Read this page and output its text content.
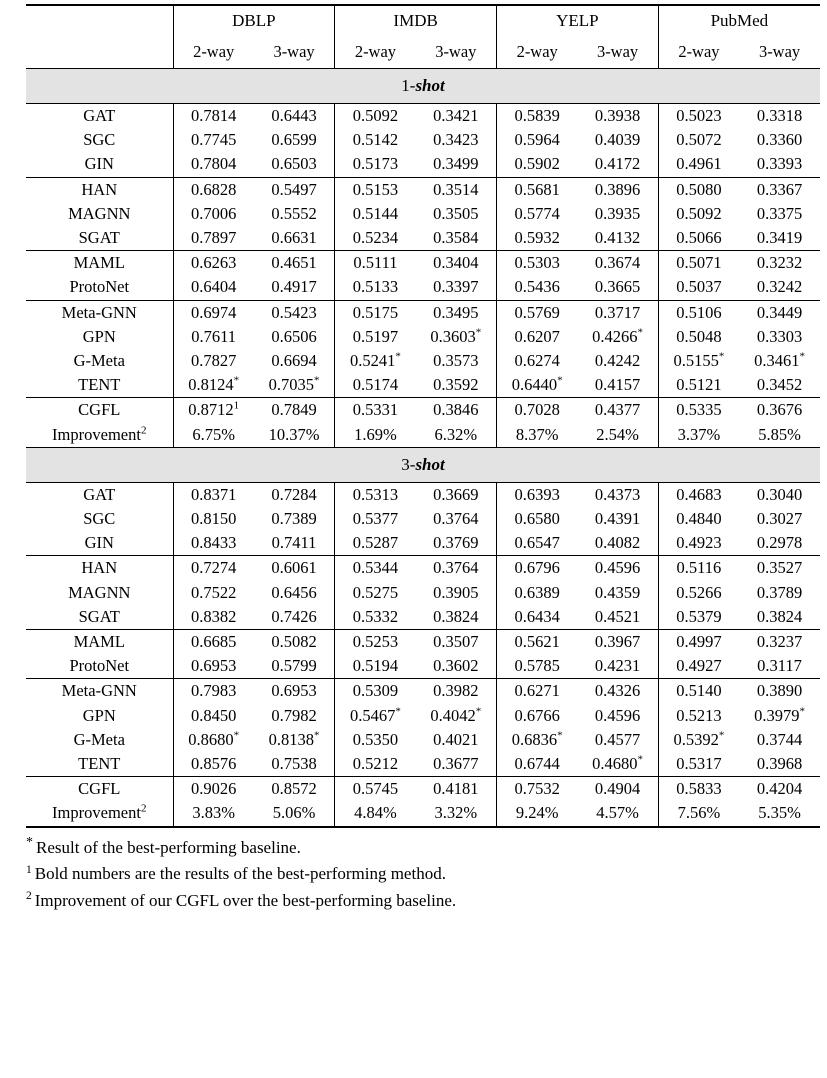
	DBLP		IMDB		YELP		PubMed	
	2-way	3-way	2-way	3-way	2-way	3-way	2-way	3-way
1-shot								
GAT	0.7814	0.6443	0.5092	0.3421	0.5839	0.3938	0.5023	0.3318
SGC	0.7745	0.6599	0.5142	0.3423	0.5964	0.4039	0.5072	0.3360
GIN	0.7804	0.6503	0.5173	0.3499	0.5902	0.4172	0.4961	0.3393
HAN	0.6828	0.5497	0.5153	0.3514	0.5681	0.3896	0.5080	0.3367
MAGNN	0.7006	0.5552	0.5144	0.3505	0.5774	0.3935	0.5092	0.3375
SGAT	0.7897	0.6631	0.5234	0.3584	0.5932	0.4132	0.5066	0.3419
MAML	0.6263	0.4651	0.5111	0.3404	0.5303	0.3674	0.5071	0.3232
ProtoNet	0.6404	0.4917	0.5133	0.3397	0.5436	0.3665	0.5037	0.3242
Meta-GNN	0.6974	0.5423	0.5175	0.3495	0.5769	0.3717	0.5106	0.3449
GPN	0.7611	0.6506	0.5197	0.3603*	0.6207	0.4266*	0.5048	0.3303
G-Meta	0.7827	0.6694	0.5241*	0.3573	0.6274	0.4242	0.5155*	0.3461*
TENT	0.8124*	0.7035*	0.5174	0.3592	0.6440*	0.4157	0.5121	0.3452
CGFL	0.8712$^1$	0.7849	0.5331	0.3846	0.7028	0.4377	0.5335	0.3676
Improvement$^2$	6.75%	10.37%	1.69%	6.32%	8.37%	2.54%	3.37%	5.85%
3-shot								
GAT	0.8371	0.7284	0.5313	0.3669	0.6393	0.4373	0.4683	0.3040
SGC	0.8150	0.7389	0.5377	0.3764	0.6580	0.4391	0.4840	0.3027
GIN	0.8433	0.7411	0.5287	0.3769	0.6547	0.4082	0.4923	0.2978
HAN	0.7274	0.6061	0.5344	0.3764	0.6796	0.4596	0.5116	0.3527
MAGNN	0.7522	0.6456	0.5275	0.3905	0.6389	0.4359	0.5266	0.3789
SGAT	0.8382	0.7426	0.5332	0.3824	0.6434	0.4521	0.5379	0.3824
MAML	0.6685	0.5082	0.5253	0.3507	0.5621	0.3967	0.4997	0.3237
ProtoNet	0.6953	0.5799	0.5194	0.3602	0.5785	0.4231	0.4927	0.3117
Meta-GNN	0.7983	0.6953	0.5309	0.3982	0.6271	0.4326	0.5140	0.3890
GPN	0.8450	0.7982	0.5467*	0.4042*	0.6766	0.4596	0.5213	0.3979*
G-Meta	0.8680*	0.8138*	0.5350	0.4021	0.6836*	0.4577	0.5392*	0.3744
TENT	0.8576	0.7538	0.5212	0.3677	0.6744	0.4680*	0.5317	0.3968
CGFL	0.9026	0.8572	0.5745	0.4181	0.7532	0.4904	0.5833	0.4204
Improvement$^2$	3.83%	5.06%	4.84%	3.32%	9.24%	4.57%	7.56%	5.35%

* Result of the best-performing baseline.
$^1$ Bold numbers are the results of the best-performing method.
$^2$ Improvement of our CGFL over the best-performing baseline.
